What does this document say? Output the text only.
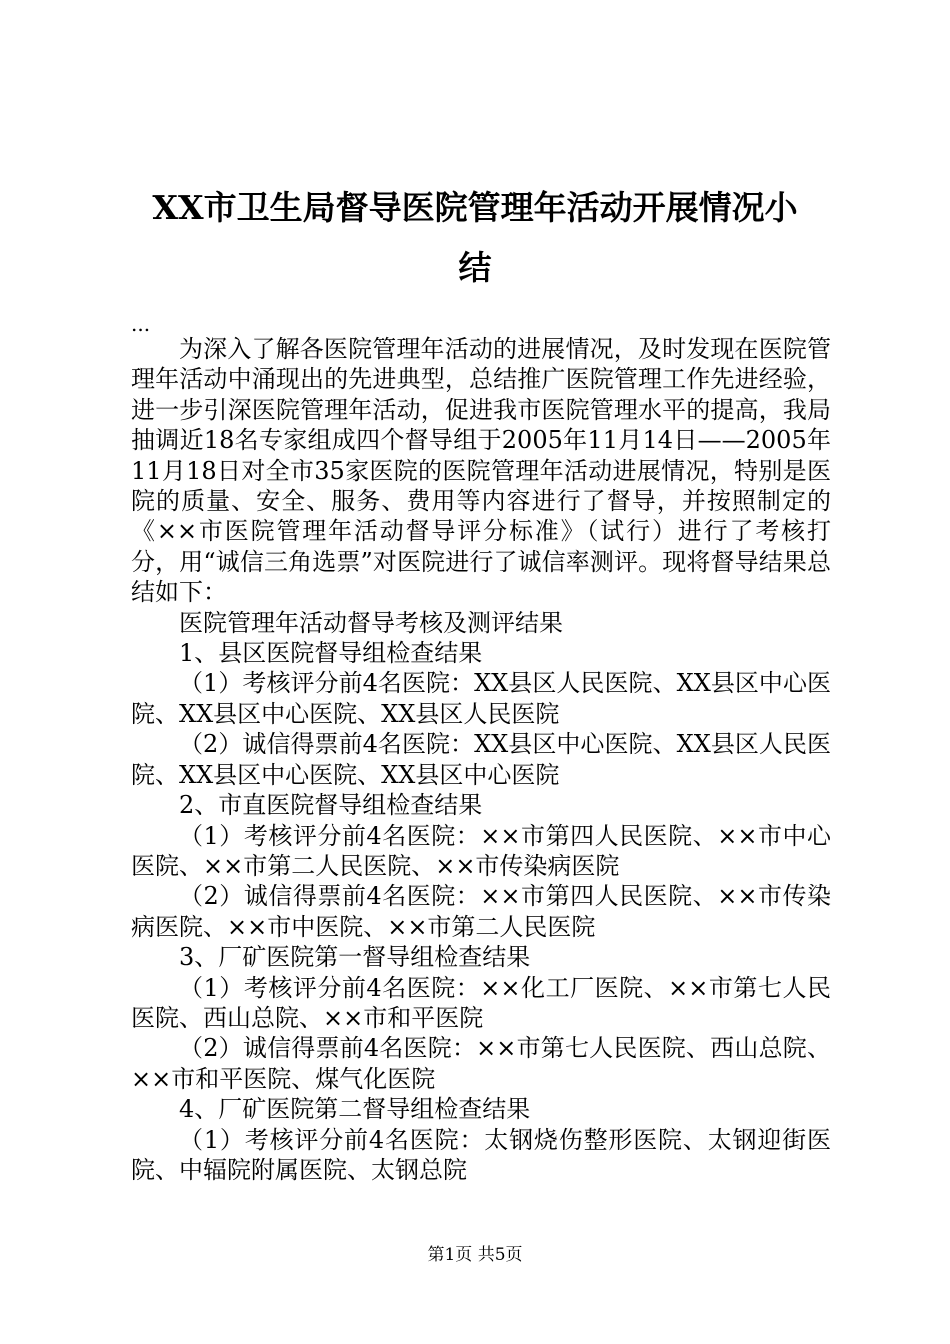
XX市卫生局督导医院管理年活动开展情况小
结

...

为深入了解各医院管理年活动的进展情况，及时发现在医院管理年活动中涌现出的先进典型，总结推广医院管理工作先进经验，进一步引深医院管理年活动，促进我市医院管理水平的提高，我局抽调近18名专家组成四个督导组于2005年11月14日——2005年11月18日对全市35家医院的医院管理年活动进展情况，特别是医院的质量、安全、服务、费用等内容进行了督导，并按照制定的《××市医院管理年活动督导评分标准》（试行）进行了考核打分，用“诚信三角选票”对医院进行了诚信率测评。现将督导结果总结如下：

医院管理年活动督导考核及测评结果

1、县区医院督导组检查结果

（1）考核评分前4名医院：XX县区人民医院、XX县区中心医院、XX县区中心医院、XX县区人民医院

（2）诚信得票前4名医院：XX县区中心医院、XX县区人民医院、XX县区中心医院、XX县区中心医院

2、市直医院督导组检查结果

（1）考核评分前4名医院：××市第四人民医院、××市中心医院、××市第二人民医院、××市传染病医院

（2）诚信得票前4名医院：××市第四人民医院、××市传染病医院、××市中医院、××市第二人民医院

3、厂矿医院第一督导组检查结果

（1）考核评分前4名医院：××化工厂医院、××市第七人民医院、西山总院、××市和平医院

（2）诚信得票前4名医院：××市第七人民医院、西山总院、××市和平医院、煤气化医院

4、厂矿医院第二督导组检查结果

（1）考核评分前4名医院：太钢烧伤整形医院、太钢迎街医院、中辐院附属医院、太钢总院

第1页 共5页
